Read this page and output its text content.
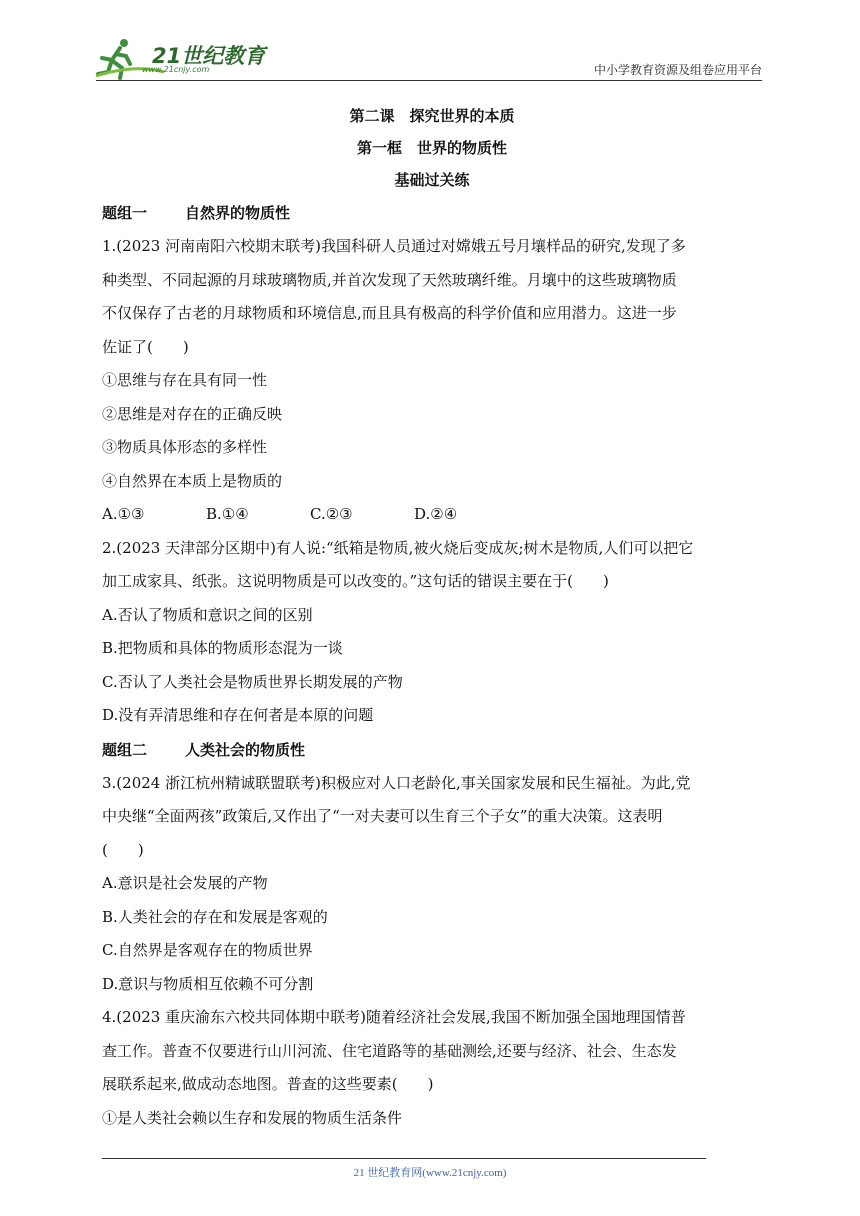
21世纪教育
www.21cnjy.com	中小学教育资源及组卷应用平台
第二课　探究世界的本质
第一框　世界的物质性
基础过关练
题组一	自然界的物质性

1.(2023 河南南阳六校期末联考)我国科研人员通过对嫦娥五号月壤样品的研究,发现了多

种类型、不同起源的月球玻璃物质,并首次发现了天然玻璃纤维。月壤中的这些玻璃物质

不仅保存了古老的月球物质和环境信息,而且具有极高的科学价值和应用潜力。这进一步

佐证了(　　)

①思维与存在具有同一性

②思维是对存在的正确反映

③物质具体形态的多样性

④自然界在本质上是物质的

A.①③	B.①④	C.②③	D.②④

2.(2023 天津部分区期中)有人说:“纸箱是物质,被火烧后变成灰;树木是物质,人们可以把它

加工成家具、纸张。这说明物质是可以改变的。”这句话的错误主要在于(　　)

A.否认了物质和意识之间的区别

B.把物质和具体的物质形态混为一谈

C.否认了人类社会是物质世界长期发展的产物

D.没有弄清思维和存在何者是本原的问题

题组二	人类社会的物质性

3.(2024 浙江杭州精诚联盟联考)积极应对人口老龄化,事关国家发展和民生福祉。为此,党

中央继“全面两孩”政策后,又作出了“一对夫妻可以生育三个子女”的重大决策。这表明

(　　)

A.意识是社会发展的产物

B.人类社会的存在和发展是客观的

C.自然界是客观存在的物质世界

D.意识与物质相互依赖不可分割

4.(2023 重庆渝东六校共同体期中联考)随着经济社会发展,我国不断加强全国地理国情普

查工作。普查不仅要进行山川河流、住宅道路等的基础测绘,还要与经济、社会、生态发

展联系起来,做成动态地图。普查的这些要素(　　)

①是人类社会赖以生存和发展的物质生活条件

21 世纪教育网(www.21cnjy.com)
